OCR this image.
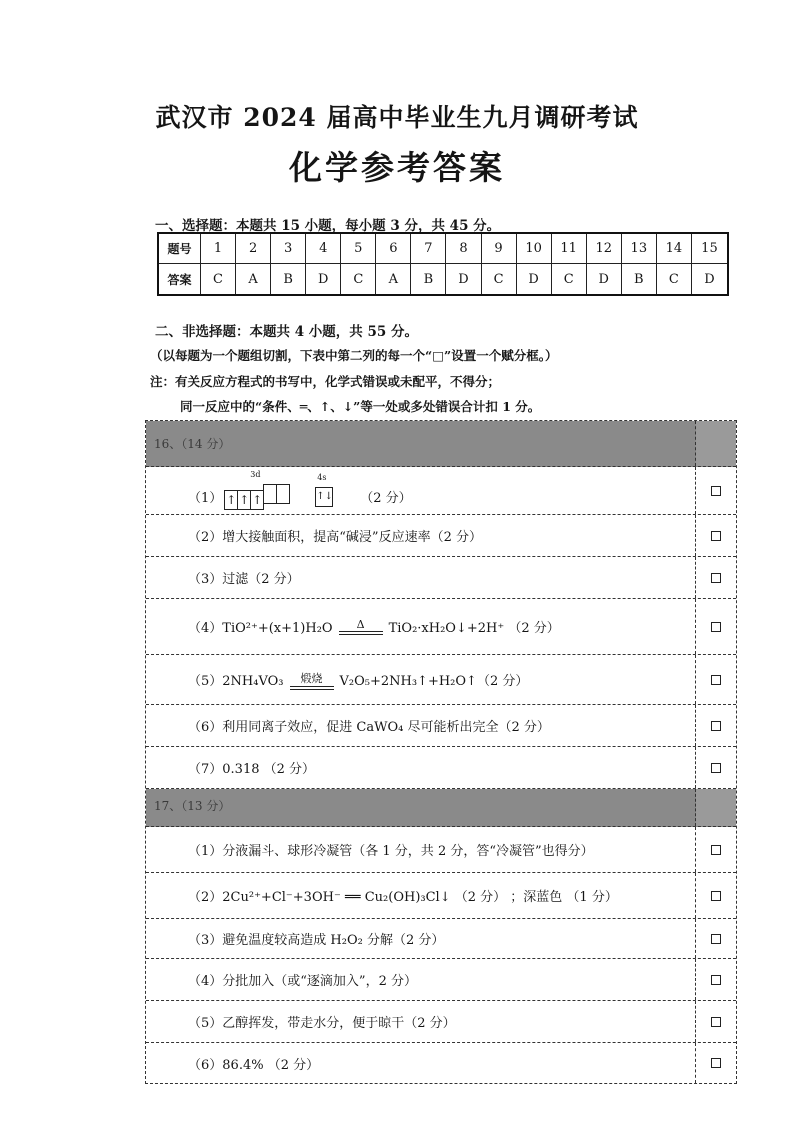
武汉市 2024 届高中毕业生九月调研考试
化学参考答案
一、选择题：本题共 15 小题，每小题 3 分，共 45 分。
题号	1	2	3	4	5	6	7	8	9	10	11	12	13	14	15
答案	C	A	B	D	C	A	B	D	C	D	C	D	B	C	D
二、非选择题：本题共 4 小题，共 55 分。
（以每题为一个题组切割，下表中第二列的每一个“□”设置一个赋分框。）
注：有关反应方程式的书写中，化学式错误或未配平，不得分；
同一反应中的“条件、═、↑、↓”等一处或多处错误合计扣 1 分。
16、（14 分）
（1）
3d
↑ ↑ ↑
4s
↑↓ （2 分）
（2）增大接触面积，提高“碱浸”反应速率（2 分）
（3）过滤（2 分）
（4）TiO²⁺+(x+1)H₂O Δ TiO₂·xH₂O↓+2H⁺ （2 分）
（5）2NH₄VO₃ 煅烧 V₂O₅+2NH₃↑+H₂O↑（2 分）
（6）利用同离子效应，促进 CaWO₄ 尽可能析出完全（2 分）
（7）0.318 （2 分）
17、（13 分）
（1）分液漏斗、球形冷凝管（各 1 分，共 2 分，答“冷凝管”也得分）
（2）2Cu²⁺+Cl⁻+3OH⁻ ══ Cu₂(OH)₃Cl↓ （2 分） ；深蓝色 （1 分）
（3）避免温度较高造成 H₂O₂ 分解（2 分）
（4）分批加入（或“逐滴加入”，2 分）
（5）乙醇挥发，带走水分，便于晾干（2 分）
（6）86.4% （2 分）
